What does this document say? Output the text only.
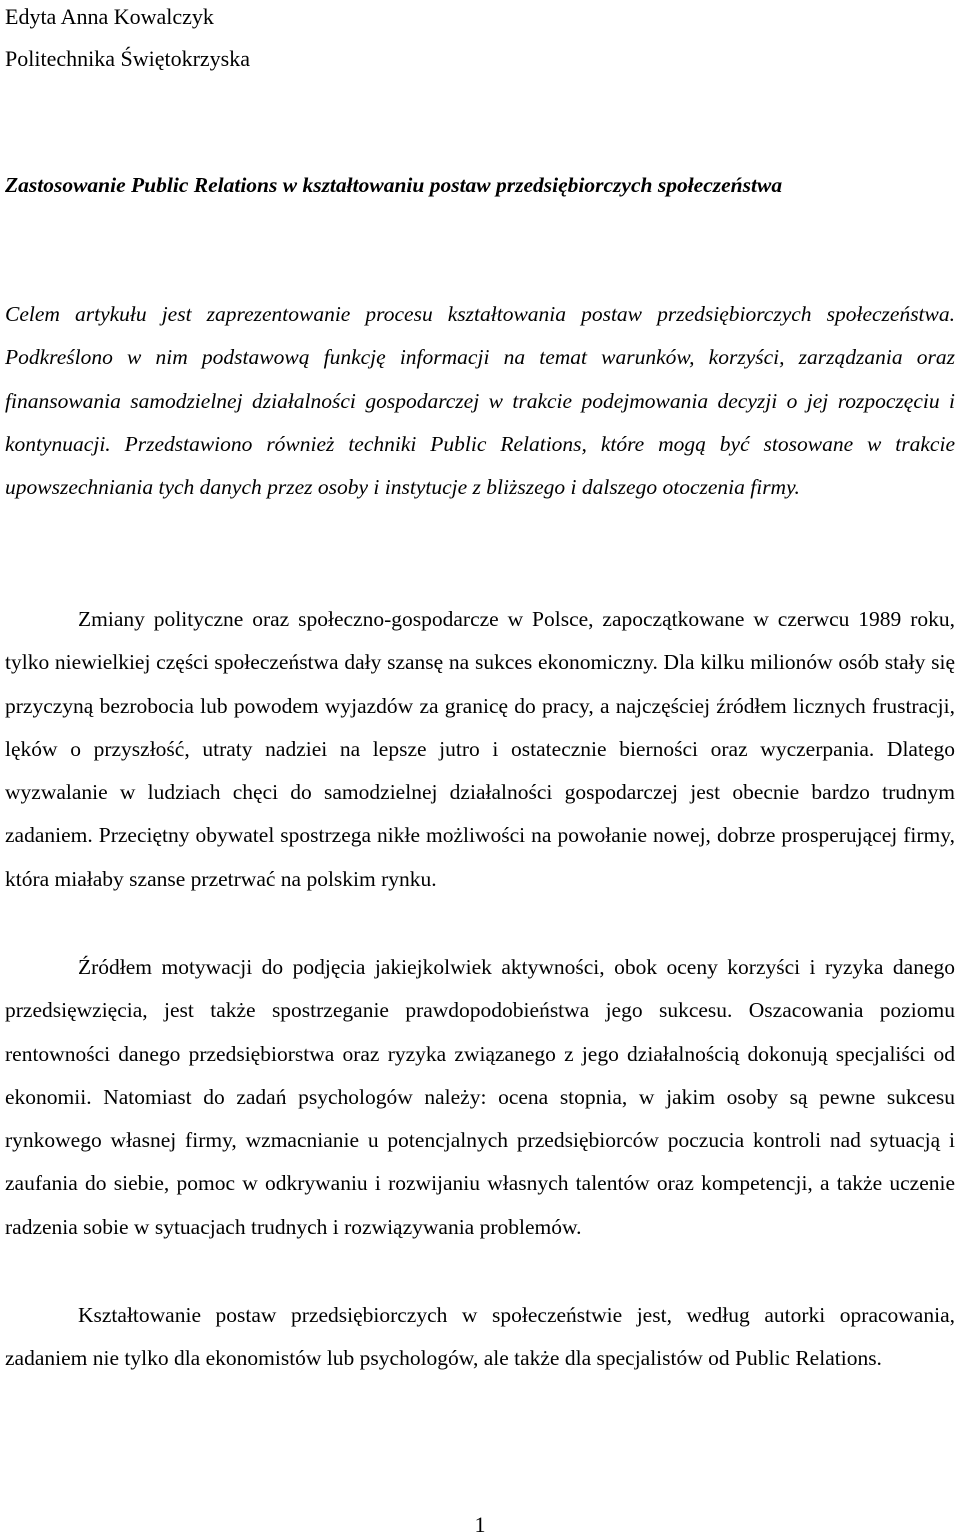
Edyta Anna Kowalczyk
Politechnika Świętokrzyska

Zastosowanie Public Relations w kształtowaniu postaw przedsiębiorczych społeczeństwa

Celem artykułu jest zaprezentowanie procesu kształtowania postaw przedsiębiorczych społeczeństwa. Podkreślono w nim podstawową funkcję informacji na temat warunków, korzyści, zarządzania oraz finansowania samodzielnej działalności gospodarczej w trakcie podejmowania decyzji o jej rozpoczęciu i kontynuacji. Przedstawiono również techniki Public Relations, które mogą być stosowane w trakcie upowszechniania tych danych przez osoby i instytucje z bliższego i dalszego otoczenia firmy.

Zmiany polityczne oraz społeczno-gospodarcze w Polsce, zapoczątkowane w czerwcu 1989 roku, tylko niewielkiej części społeczeństwa dały szansę na sukces ekonomiczny. Dla kilku milionów osób stały się przyczyną bezrobocia lub powodem wyjazdów za granicę do pracy, a najczęściej źródłem licznych frustracji, lęków o przyszłość, utraty nadziei na lepsze jutro i ostatecznie bierności oraz wyczerpania. Dlatego wyzwalanie w ludziach chęci do samodzielnej działalności gospodarczej jest obecnie bardzo trudnym zadaniem. Przeciętny obywatel spostrzega nikłe możliwości na powołanie nowej, dobrze prosperującej firmy, która miałaby szanse przetrwać na polskim rynku.

Źródłem motywacji do podjęcia jakiejkolwiek aktywności, obok oceny korzyści i ryzyka danego przedsięwzięcia, jest także spostrzeganie prawdopodobieństwa jego sukcesu. Oszacowania poziomu rentowności danego przedsiębiorstwa oraz ryzyka związanego z jego działalnością dokonują specjaliści od ekonomii. Natomiast do zadań psychologów należy: ocena stopnia, w jakim osoby są pewne sukcesu rynkowego własnej firmy, wzmacnianie u potencjalnych przedsiębiorców poczucia kontroli nad sytuacją i zaufania do siebie, pomoc w odkrywaniu i rozwijaniu własnych talentów oraz kompetencji, a także uczenie radzenia sobie w sytuacjach trudnych i rozwiązywania problemów.

Kształtowanie postaw przedsiębiorczych w społeczeństwie jest, według autorki opracowania, zadaniem nie tylko dla ekonomistów lub psychologów, ale także dla specjalistów od Public Relations.

1
